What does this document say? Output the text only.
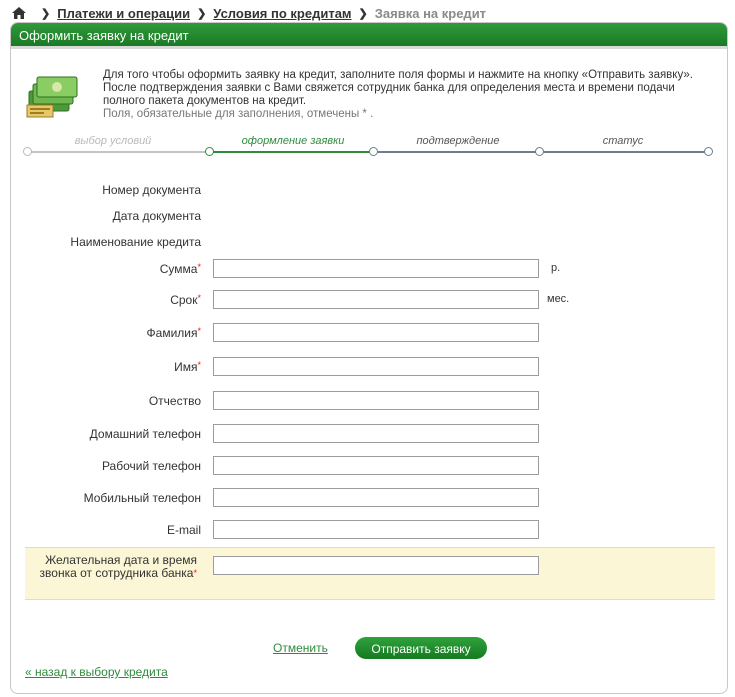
❯ Платежи и операции ❯ Условия по кредитам ❯ Заявка на кредит
Оформить заявку на кредит
Для того чтобы оформить заявку на кредит, заполните поля формы и нажмите на кнопку «Отправить заявку». После подтверждения заявки с Вами свяжется сотрудник банка для определения места и времени подачи полного пакета документов на кредит.
Поля, обязательные для заполнения, отмечены * .
выбор условий	оформление заявки	подтверждение	статус
Номер документа
Дата документа
Наименование кредита
Сумма*	р.
Срок*	мес.
Фамилия*
Имя*
Отчество
Домашний телефон
Рабочий телефон
Мобильный телефон
E-mail
Желательная дата и время звонка от сотрудника банка*
Отменить	Отправить заявку
« назад к выбору кредита
